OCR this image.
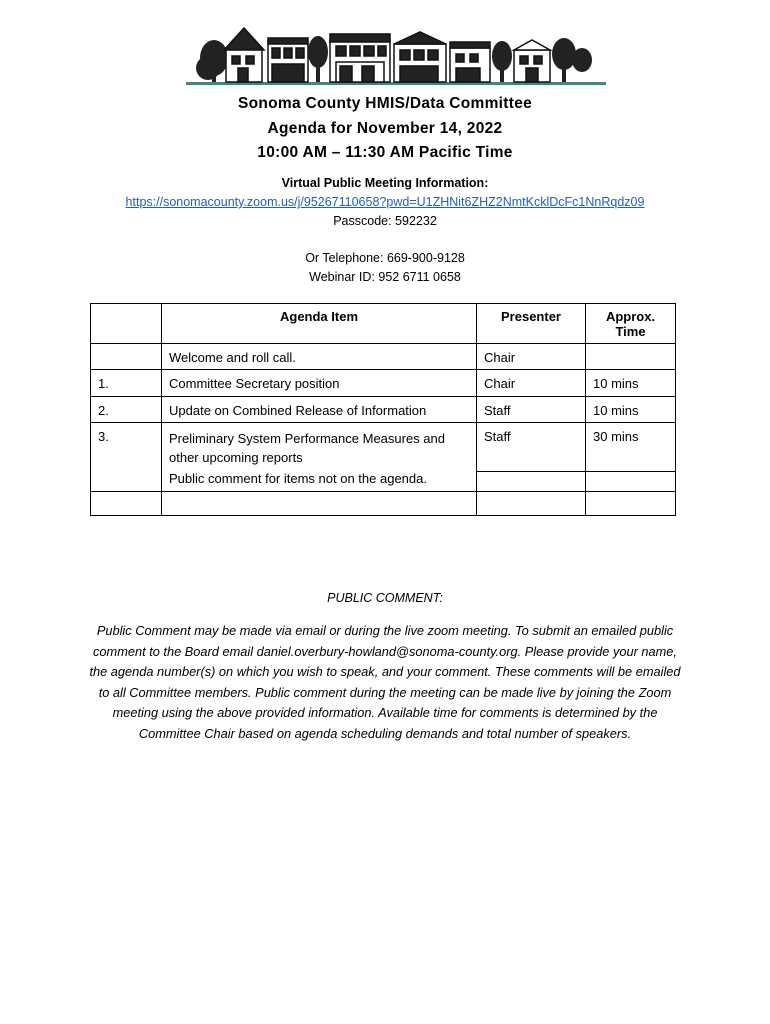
Sonoma County HMIS/Data Committee
Agenda for November 14, 2022
10:00 AM – 11:30 AM Pacific Time
Virtual Public Meeting Information:
https://sonomacounty.zoom.us/j/95267110658?pwd=U1ZHNit6ZHZ2NmtKcklDcFc1NnRqdz09
Passcode: 592232
Or Telephone: 669-900-9128
Webinar ID: 952 6711 0658
	Agenda Item	Presenter	Approx. Time
	Welcome and roll call.	Chair	
1.	Committee Secretary position	Chair	10 mins
2.	Update on Combined Release of Information	Staff	10 mins
3.	Preliminary System Performance Measures and other upcoming reports	Staff	30 mins
	Public comment for items not on the agenda.		

PUBLIC COMMENT:
Public Comment may be made via email or during the live zoom meeting. To submit an emailed public comment to the Board email daniel.overbury-howland@sonoma-county.org. Please provide your name, the agenda number(s) on which you wish to speak, and your comment. These comments will be emailed to all Committee members. Public comment during the meeting can be made live by joining the Zoom meeting using the above provided information. Available time for comments is determined by the Committee Chair based on agenda scheduling demands and total number of speakers.
